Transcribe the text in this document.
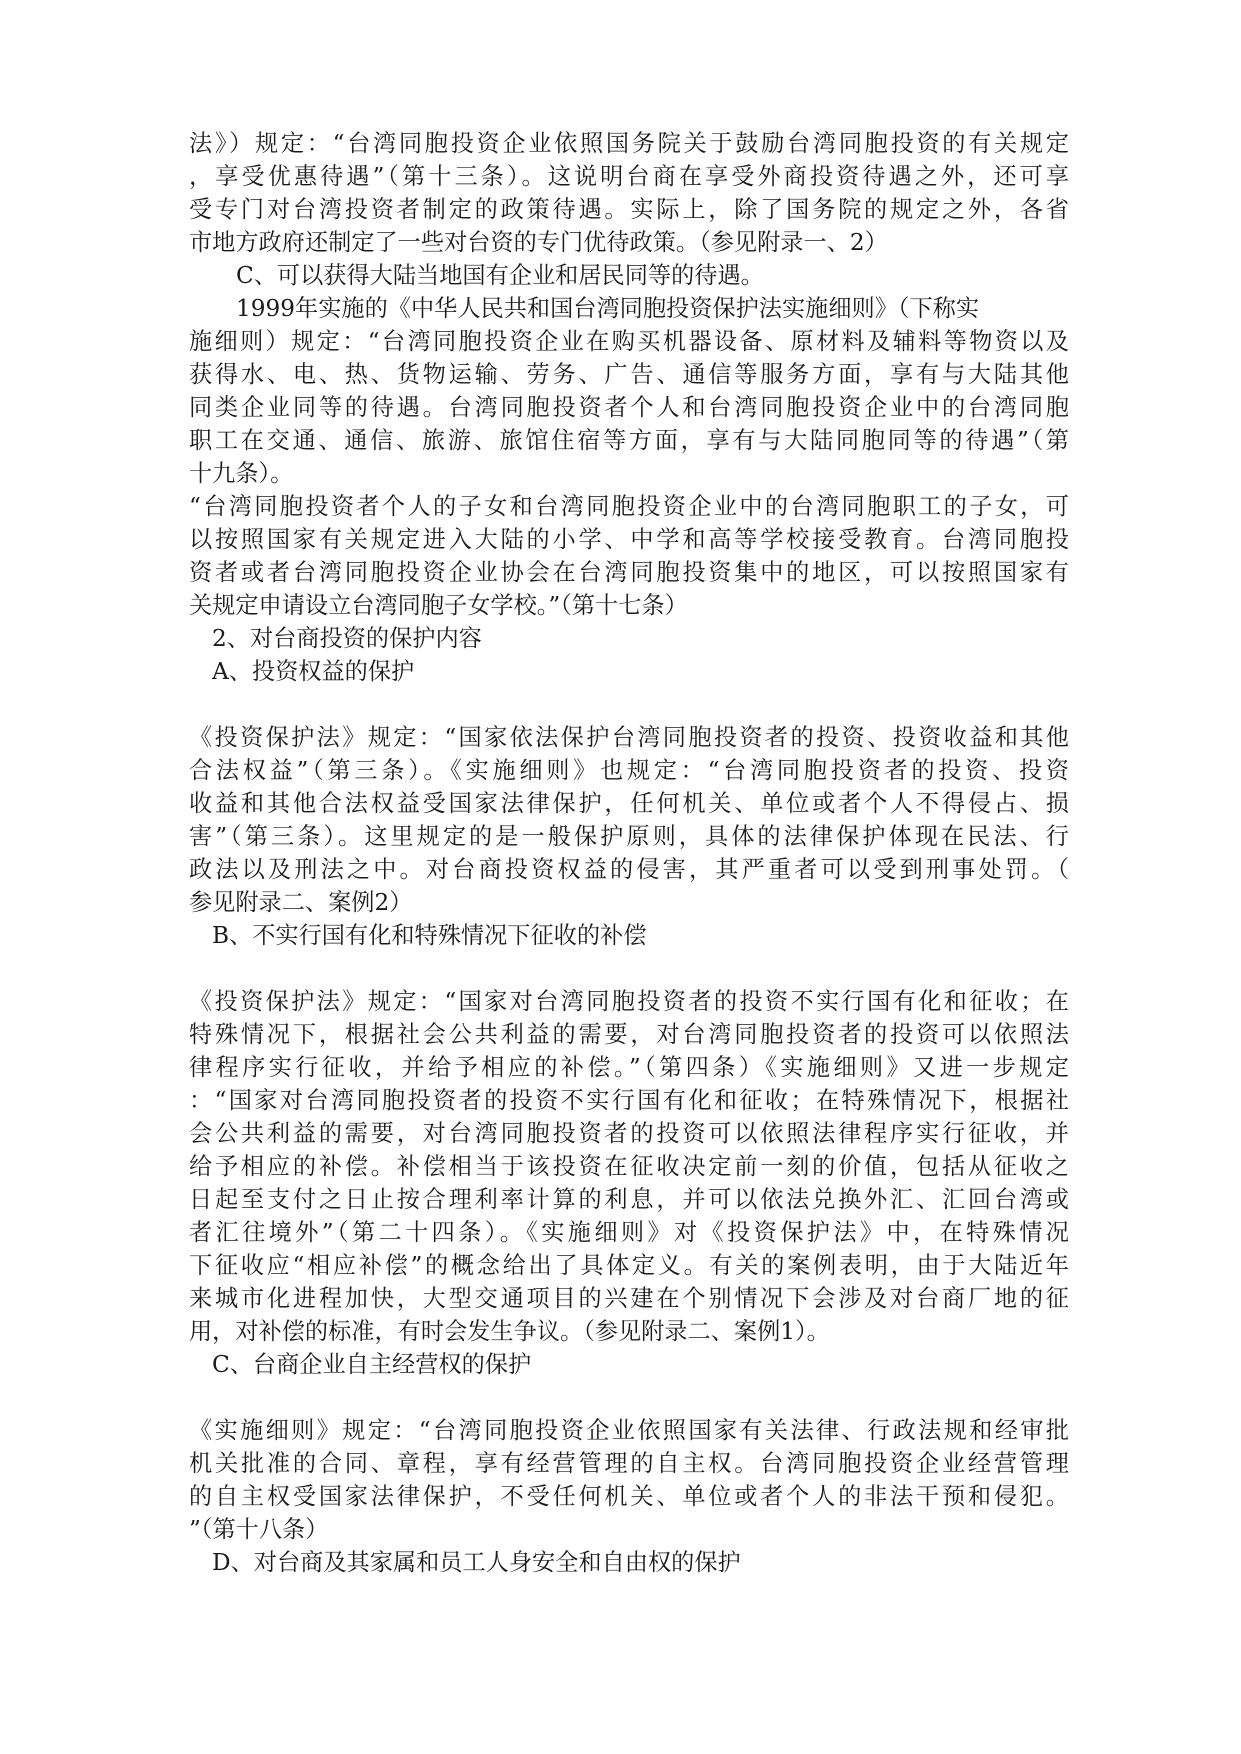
法》）规定：“台湾同胞投资企业依照国务院关于鼓励台湾同胞投资的有关规定
，享受优惠待遇”（第十三条）。这说明台商在享受外商投资待遇之外，还可享
受专门对台湾投资者制定的政策待遇。实际上，除了国务院的规定之外，各省
市地方政府还制定了一些对台资的专门优待政策。（参见附录一、2）
C、可以获得大陆当地国有企业和居民同等的待遇。
1999年实施的《中华人民共和国台湾同胞投资保护法实施细则》（下称实
施细则）规定：“台湾同胞投资企业在购买机器设备、原材料及辅料等物资以及
获得水、电、热、货物运输、劳务、广告、通信等服务方面，享有与大陆其他
同类企业同等的待遇。台湾同胞投资者个人和台湾同胞投资企业中的台湾同胞
职工在交通、通信、旅游、旅馆住宿等方面，享有与大陆同胞同等的待遇”（第
十九条）。
“台湾同胞投资者个人的子女和台湾同胞投资企业中的台湾同胞职工的子女，可
以按照国家有关规定进入大陆的小学、中学和高等学校接受教育。台湾同胞投
资者或者台湾同胞投资企业协会在台湾同胞投资集中的地区，可以按照国家有
关规定申请设立台湾同胞子女学校。”（第十七条）
2、对台商投资的保护内容
A、投资权益的保护
《投资保护法》规定：“国家依法保护台湾同胞投资者的投资、投资收益和其他
合法权益”（第三条）。《实施细则》也规定：“台湾同胞投资者的投资、投资
收益和其他合法权益受国家法律保护，任何机关、单位或者个人不得侵占、损
害”（第三条）。这里规定的是一般保护原则，具体的法律保护体现在民法、行
政法以及刑法之中。对台商投资权益的侵害，其严重者可以受到刑事处罚。（
参见附录二、案例2）
B、不实行国有化和特殊情况下征收的补偿
《投资保护法》规定：“国家对台湾同胞投资者的投资不实行国有化和征收；在
特殊情况下，根据社会公共利益的需要，对台湾同胞投资者的投资可以依照法
律程序实行征收，并给予相应的补偿。”（第四条）《实施细则》又进一步规定
：“国家对台湾同胞投资者的投资不实行国有化和征收；在特殊情况下，根据社
会公共利益的需要，对台湾同胞投资者的投资可以依照法律程序实行征收，并
给予相应的补偿。补偿相当于该投资在征收决定前一刻的价值，包括从征收之
日起至支付之日止按合理利率计算的利息，并可以依法兑换外汇、汇回台湾或
者汇往境外”（第二十四条）。《实施细则》对《投资保护法》中，在特殊情况
下征收应“相应补偿”的概念给出了具体定义。有关的案例表明，由于大陆近年
来城市化进程加快，大型交通项目的兴建在个别情况下会涉及对台商厂地的征
用，对补偿的标准，有时会发生争议。（参见附录二、案例1）。
C、台商企业自主经营权的保护
《实施细则》规定：“台湾同胞投资企业依照国家有关法律、行政法规和经审批
机关批准的合同、章程，享有经营管理的自主权。台湾同胞投资企业经营管理
的自主权受国家法律保护，不受任何机关、单位或者个人的非法干预和侵犯。
”（第十八条）
D、对台商及其家属和员工人身安全和自由权的保护
